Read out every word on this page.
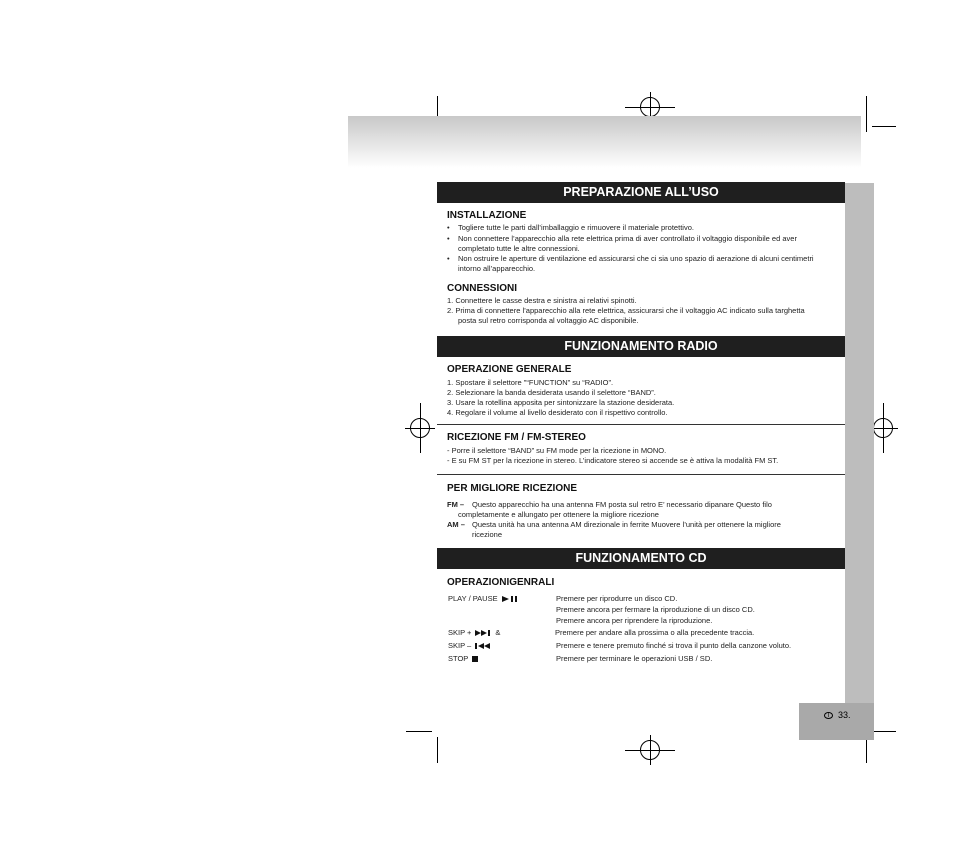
I 33.
PREPARAZIONE ALL’USO
INSTALLAZIONE
• Togliere tutte le parti dall’imballaggio e rimuovere il materiale protettivo.
• Non connettere l’apparecchio alla rete elettrica prima di aver controllato il voltaggio disponibile ed aver
completato tutte le altre connessioni.
• Non ostruire le aperture di ventilazione ed assicurarsi che ci sia uno spazio di aerazione di alcuni centimetri
intorno all’apparecchio.
CONNESSIONI
1. Connettere le casse destra e sinistra ai relativi spinotti.
2. Prima di connettere l’apparecchio alla rete elettrica, assicurarsi che il voltaggio AC indicato sulla targhetta
posta sul retro corrisponda al voltaggio AC disponibile.
FUNZIONAMENTO RADIO
OPERAZIONE GENERALE
1. Spostare il selettore "“FUNCTION” su “RADIO”.
2. Selezionare la banda desiderata usando il selettore “BAND”.
3. Usare la rotellina apposita per sintonizzare la stazione desiderata.
4. Regolare il volume al livello desiderato con il rispettivo controllo.
RICEZIONE FM / FM-STEREO
- Porre il selettore “BAND” su FM mode per la ricezione in MONO.
- E su FM ST per la ricezione in stereo. L’indicatore stereo si accende se è attiva la modalità FM ST.
PER MIGLIORE RICEZIONE
FM – Questo apparecchio ha una antenna FM posta sul retro E’ necessario dipanare Questo filo
completamente e allungato per ottenere la migliore ricezione
AM – Questa unità ha una antenna AM direzionale in ferrite Muovere l’unità per ottenere la migliore
ricezione
FUNZIONAMENTO CD
OPERAZIONIGENRALI
PLAY / PAUSE	Premere per riprodurre un disco CD.
Premere ancora per fermare la riproduzione di un disco CD.
Premere ancora per riprendere la riproduzione.
SKIP +	&	Premere per andare alla prossima o alla precedente traccia.
SKIP –	Premere e tenere premuto finché si trova il punto della canzone voluto.
STOP	Premere per terminare le operazioni USB / SD.
